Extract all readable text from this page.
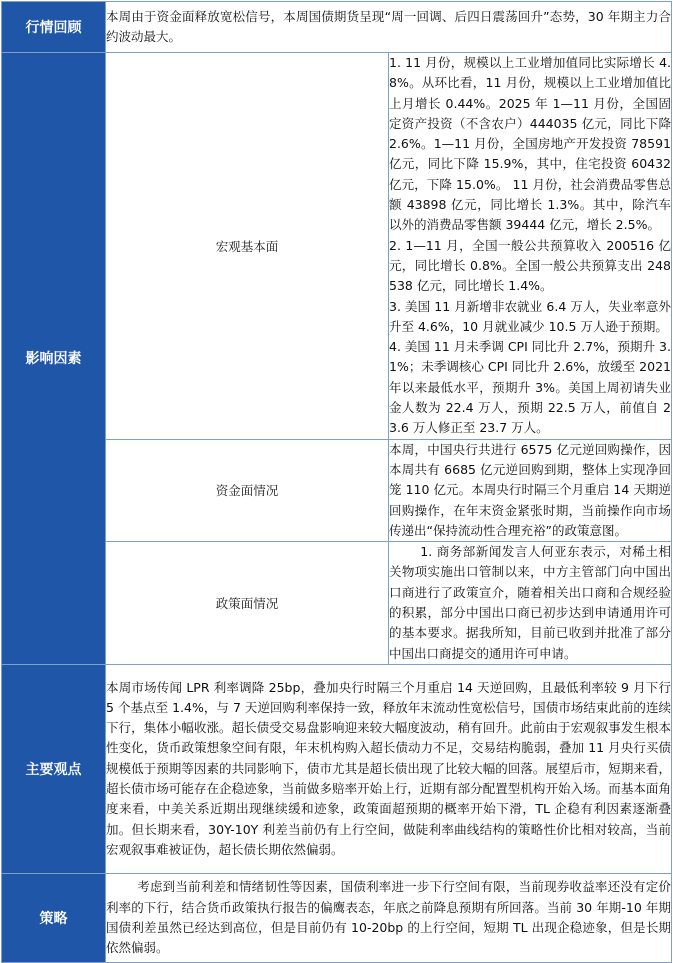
行情回顾	本周由于资金面释放宽松信号，本周国债期货呈现“周一回调、后四日震荡回升”态势，30 年期主力合约波动最大。	
影响因素	宏观基本面	1. 11 月份，规模以上工业增加值同比实际增长 4.8%。从环比看，11 月份，规模以上工业增加值比上月增长 0.44%。2025 年 1—11 月份，全国固定资产投资（不含农户）444035 亿元，同比下降 2.6%。1—11 月份，全国房地产开发投资 78591 亿元，同比下降 15.9%，其中，住宅投资 60432 亿元，下降 15.0%。 11 月份，社会消费品零售总额 43898 亿元，同比增长 1.3%。其中，除汽车以外的消费品零售额 39444 亿元，增长 2.5%。
2. 1—11 月，全国一般公共预算收入 200516 亿元，同比增长 0.8%。全国一般公共预算支出 248538 亿元，同比增长 1.4%。
3. 美国 11 月新增非农就业 6.4 万人，失业率意外升至 4.6%，10 月就业减少 10.5 万人逊于预期。
4. 美国 11 月未季调 CPI 同比升 2.7%，预期升 3.1%；未季调核心 CPI 同比升 2.6%，放缓至 2021 年以来最低水平，预期升 3%。美国上周初请失业金人数为 22.4 万人，预期 22.5 万人，前值自 23.6 万人修正至 23.7 万人。

	资金面情况	本周，中国央行共进行 6575 亿元逆回购操作，因本周共有 6685 亿元逆回购到期，整体上实现净回笼 110 亿元。本周央行时隔三个月重启 14 天期逆回购操作，在年末资金紧张时期，当前操作向市场传递出“保持流动性合理充裕”的政策意图。
	政策面情况	1. 商务部新闻发言人何亚东表示，对稀土相关物项实施出口管制以来，中方主管部门向中国出口商进行了政策宣介，随着相关出口商和合规经验的积累，部分中国出口商已初步达到申请通用许可的基本要求。据我所知，目前已收到并批准了部分中国出口商提交的通用许可申请。

主要观点	本周市场传闻 LPR 利率调降 25bp，叠加央行时隔三个月重启 14 天逆回购，且最低利率较 9 月下行 5 个基点至 1.4%，与 7 天逆回购利率保持一致，释放年末流动性宽松信号，国债市场结束此前的连续下行，集体小幅收涨。超长债受交易盘影响迎来较大幅度波动，稍有回升。此前由于宏观叙事发生根本性变化，货币政策想象空间有限，年末机构购入超长债动力不足，交易结构脆弱，叠加 11 月央行买债规模低于预期等因素的共同影响下，债市尤其是超长债出现了比较大幅的回落。展望后市，短期来看，超长债市场可能存在企稳迹象，当前做多赔率开始上行，近期有部分配置型机构开始入场。而基本面角度来看，中美关系近期出现继续缓和迹象，政策面超预期的概率开始下滑，TL 企稳有利因素逐渐叠加。但长期来看，30Y-10Y 利差当前仍有上行空间，做陡利率曲线结构的策略性价比相对较高，当前宏观叙事难被证伪，超长债长期依然偏弱。	
策略	考虑到当前利差和情绪韧性等因素，国债利率进一步下行空间有限，当前现券收益率还没有定价利率的下行，结合货币政策执行报告的偏鹰表态，年底之前降息预期有所回落。当前 30 年期-10 年期国债利差虽然已经达到高位，但是目前仍有 10-20bp 的上行空间，短期 TL 出现企稳迹象，但是长期依然偏弱。	
